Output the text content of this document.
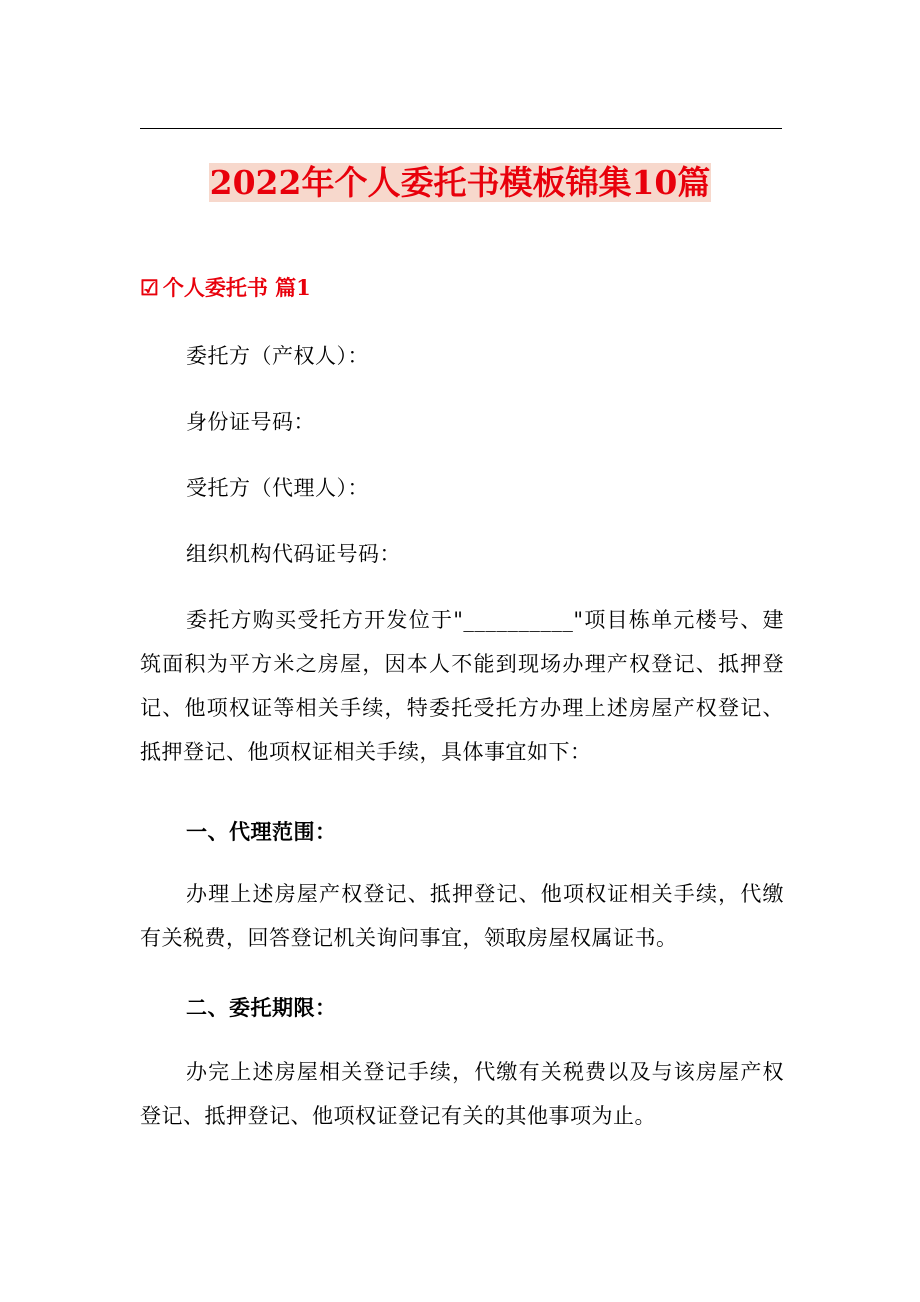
2022年个人委托书模板锦集10篇
☑ 个人委托书 篇1

委托方（产权人）：

身份证号码：

受托方（代理人）：

组织机构代码证号码：

委托方购买受托方开发位于"__________"项目栋单元楼号、建筑面积为平方米之房屋，因本人不能到现场办理产权登记、抵押登记、他项权证等相关手续，特委托受托方办理上述房屋产权登记、抵押登记、他项权证相关手续，具体事宜如下：

一、代理范围：

办理上述房屋产权登记、抵押登记、他项权证相关手续，代缴有关税费，回答登记机关询问事宜，领取房屋权属证书。

二、委托期限：

办完上述房屋相关登记手续，代缴有关税费以及与该房屋产权登记、抵押登记、他项权证登记有关的其他事项为止。
